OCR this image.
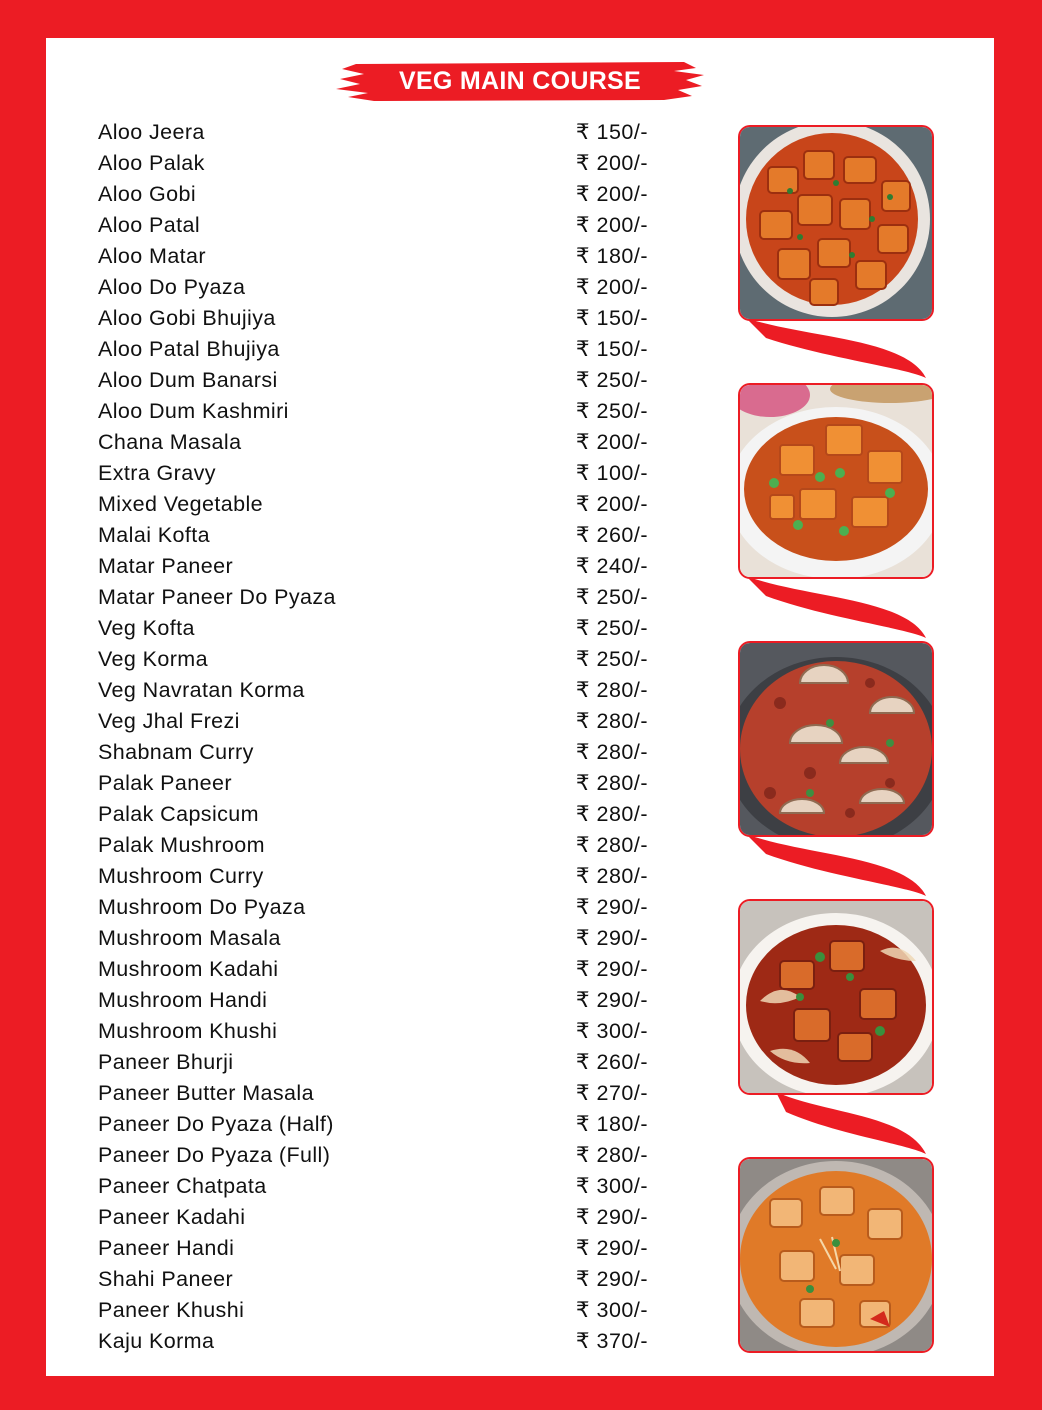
VEG MAIN COURSE
Aloo Jeera	₹ 150/-
Aloo Palak	₹ 200/-
Aloo Gobi	₹ 200/-
Aloo Patal	₹ 200/-
Aloo Matar	₹ 180/-
Aloo Do Pyaza	₹ 200/-
Aloo Gobi Bhujiya	₹ 150/-
Aloo Patal Bhujiya	₹ 150/-
Aloo Dum Banarsi	₹ 250/-
Aloo Dum Kashmiri	₹ 250/-
Chana Masala	₹ 200/-
Extra Gravy	₹ 100/-
Mixed Vegetable	₹ 200/-
Malai Kofta	₹ 260/-
Matar Paneer	₹ 240/-
Matar Paneer Do Pyaza	₹ 250/-
Veg Kofta	₹ 250/-
Veg Korma	₹ 250/-
Veg Navratan Korma	₹ 280/-
Veg Jhal Frezi	₹ 280/-
Shabnam Curry	₹ 280/-
Palak Paneer	₹ 280/-
Palak Capsicum	₹ 280/-
Palak Mushroom	₹ 280/-
Mushroom Curry	₹ 280/-
Mushroom Do Pyaza	₹ 290/-
Mushroom Masala	₹ 290/-
Mushroom Kadahi	₹ 290/-
Mushroom Handi	₹ 290/-
Mushroom Khushi	₹ 300/-
Paneer Bhurji	₹ 260/-
Paneer Butter Masala	₹ 270/-
Paneer Do Pyaza (Half)	₹ 180/-
Paneer Do Pyaza (Full)	₹ 280/-
Paneer Chatpata	₹ 300/-
Paneer Kadahi	₹ 290/-
Paneer Handi	₹ 290/-
Shahi Paneer	₹ 290/-
Paneer Khushi	₹ 300/-
Kaju Korma	₹ 370/-
